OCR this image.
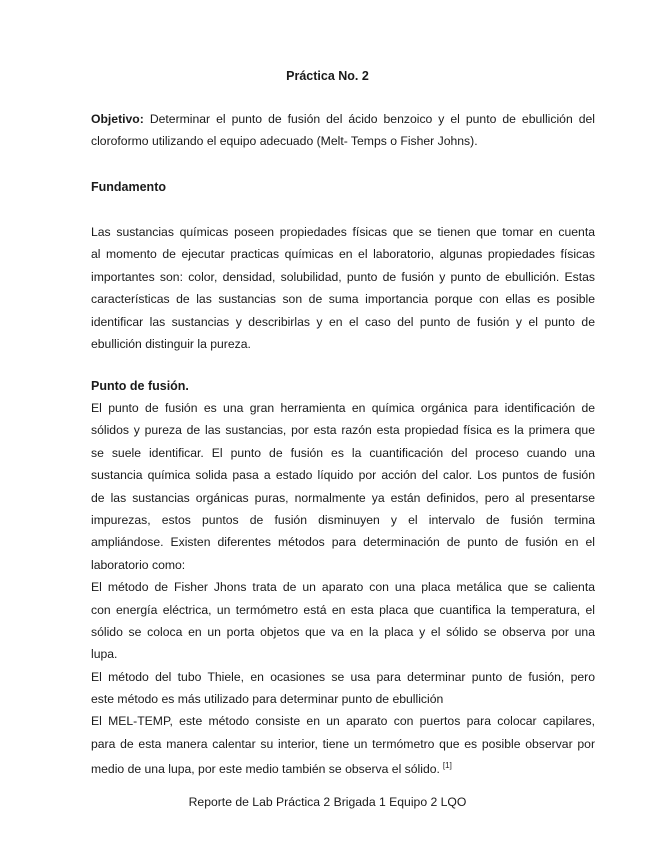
Práctica No. 2
Objetivo: Determinar el punto de fusión del ácido benzoico y el punto de ebullición del
cloroformo utilizando el equipo adecuado (Melt- Temps o Fisher Johns).
Fundamento
Las sustancias químicas poseen propiedades físicas que se tienen que tomar en cuenta
al momento de ejecutar practicas químicas en el laboratorio, algunas propiedades físicas
importantes son: color, densidad, solubilidad, punto de fusión y punto de ebullición. Estas
características de las sustancias son de suma importancia porque con ellas es posible
identificar las sustancias y describirlas y en el caso del punto de fusión y el punto de
ebullición distinguir la pureza.
Punto de fusión.
El punto de fusión es una gran herramienta en química orgánica para identificación de
sólidos y pureza de las sustancias, por esta razón esta propiedad física es la primera que
se suele identificar. El punto de fusión es la cuantificación del proceso cuando una
sustancia química solida pasa a estado líquido por acción del calor. Los puntos de fusión
de las sustancias orgánicas puras, normalmente ya están definidos, pero al presentarse
impurezas, estos puntos de fusión disminuyen y el intervalo de fusión termina
ampliándose. Existen diferentes métodos para determinación de punto de fusión en el
laboratorio como:
El método de Fisher Jhons trata de un aparato con una placa metálica que se calienta
con energía eléctrica, un termómetro está en esta placa que cuantifica la temperatura, el
sólido se coloca en un porta objetos que va en la placa y el sólido se observa por una
lupa.
El método del tubo Thiele, en ocasiones se usa para determinar punto de fusión, pero
este método es más utilizado para determinar punto de ebullición
El MEL-TEMP, este método consiste en un aparato con puertos para colocar capilares,
para de esta manera calentar su interior, tiene un termómetro que es posible observar por
medio de una lupa, por este medio también se observa el sólido. [1]
Reporte de Lab Práctica 2 Brigada 1 Equipo 2 LQO
